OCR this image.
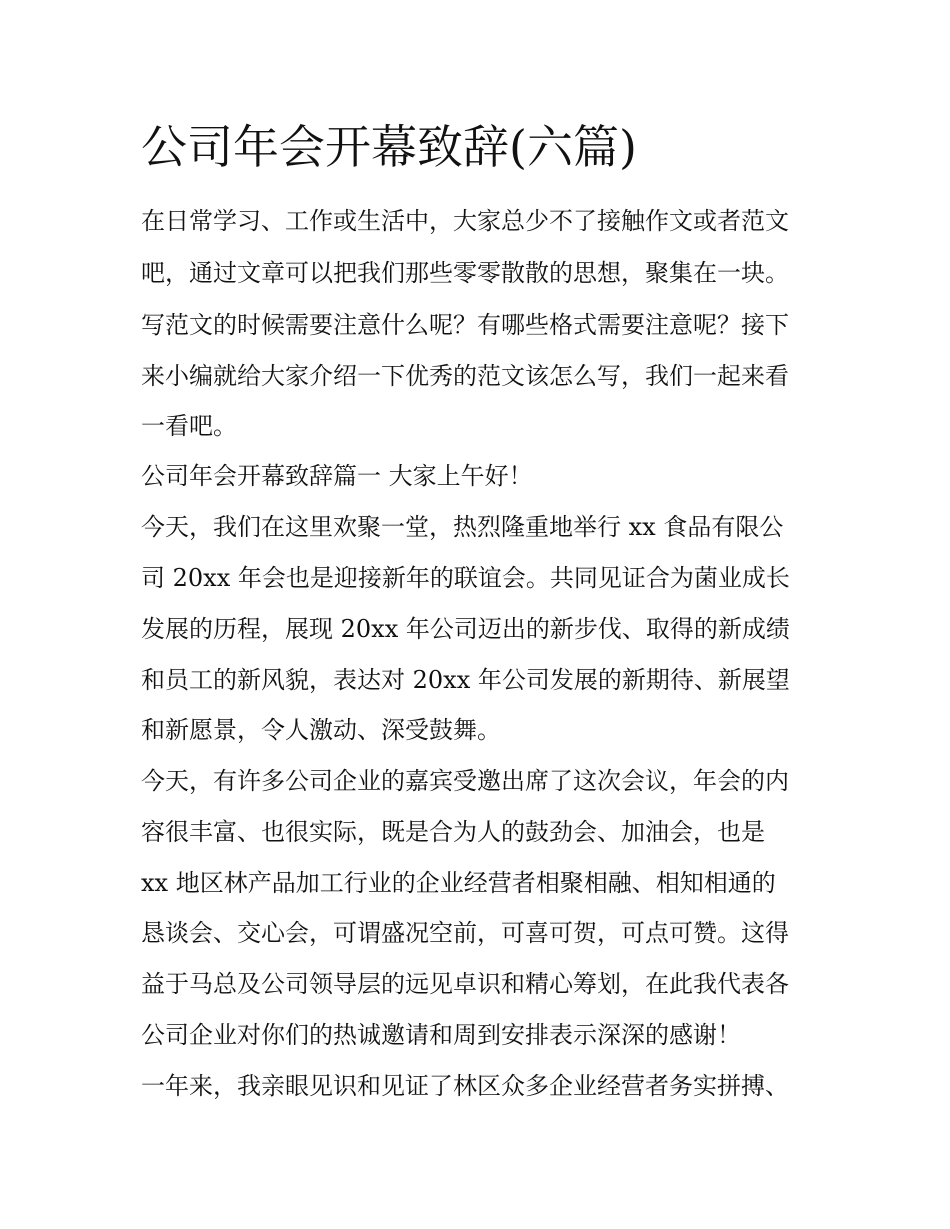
公司年会开幕致辞(六篇)

在日常学习、工作或生活中，大家总少不了接触作文或者范文

吧，通过文章可以把我们那些零零散散的思想，聚集在一块。

写范文的时候需要注意什么呢？有哪些格式需要注意呢？接下

来小编就给大家介绍一下优秀的范文该怎么写，我们一起来看

一看吧。

公司年会开幕致辞篇一 大家上午好！

今天，我们在这里欢聚一堂，热烈隆重地举行 xx 食品有限公

司 20xx 年会也是迎接新年的联谊会。共同见证合为菌业成长

发展的历程，展现 20xx 年公司迈出的新步伐、取得的新成绩

和员工的新风貌，表达对 20xx 年公司发展的新期待、新展望

和新愿景，令人激动、深受鼓舞。

今天，有许多公司企业的嘉宾受邀出席了这次会议，年会的内

容很丰富、也很实际，既是合为人的鼓劲会、加油会，也是

xx 地区林产品加工行业的企业经营者相聚相融、相知相通的

恳谈会、交心会，可谓盛况空前，可喜可贺，可点可赞。这得

益于马总及公司领导层的远见卓识和精心筹划，在此我代表各

公司企业对你们的热诚邀请和周到安排表示深深的感谢！

一年来，我亲眼见识和见证了林区众多企业经营者务实拼搏、
